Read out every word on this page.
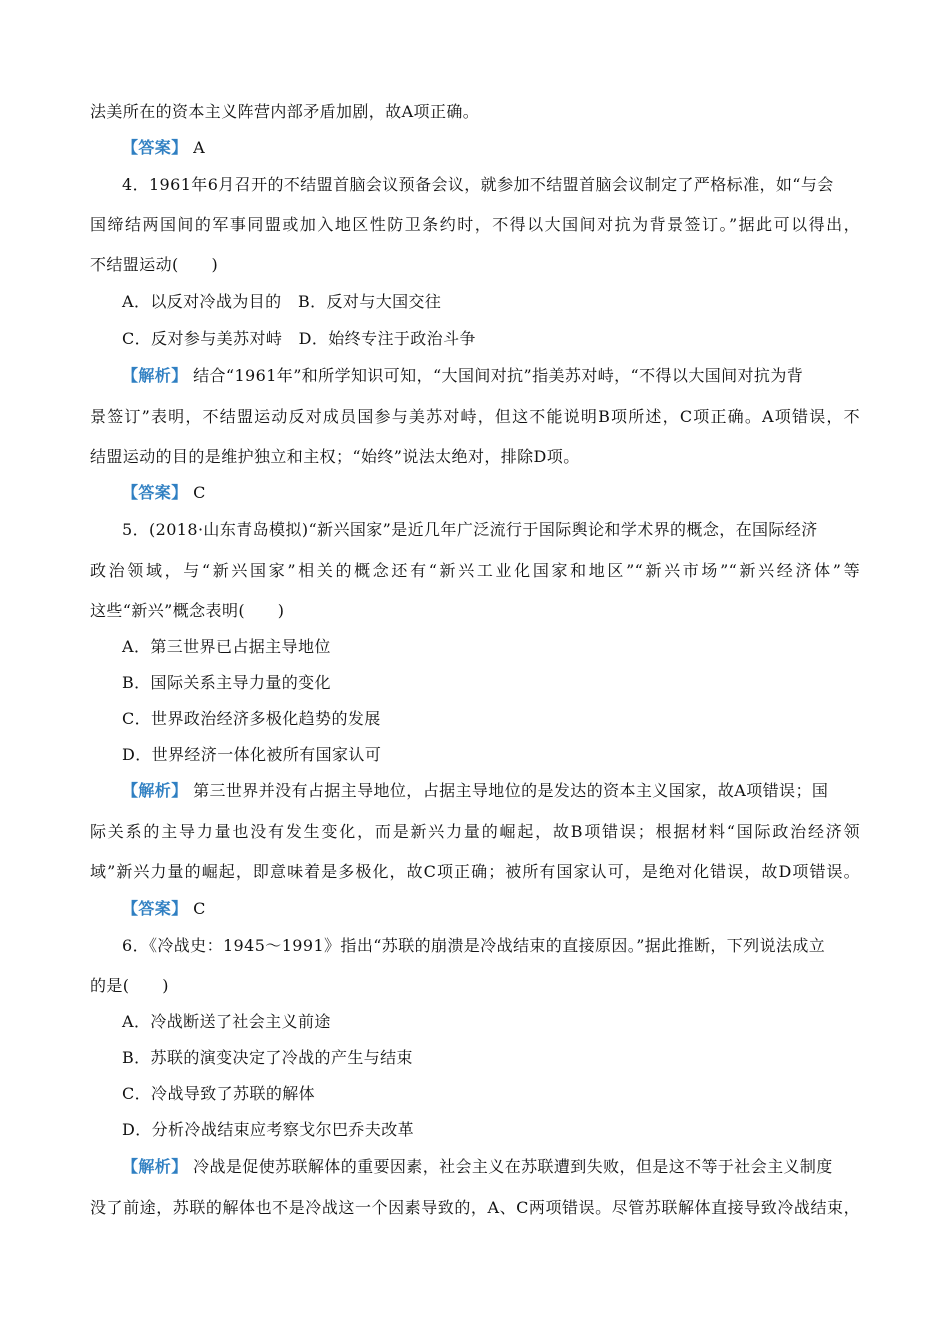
法美所在的资本主义阵营内部矛盾加剧，故A项正确。
【答案】 A
4．1961年6月召开的不结盟首脑会议预备会议，就参加不结盟首脑会议制定了严格标准，如“与会
国缔结两国间的军事同盟或加入地区性防卫条约时，不得以大国间对抗为背景签订。”据此可以得出，
不结盟运动(　　)
A．以反对冷战为目的　B．反对与大国交往
C．反对参与美苏对峙　D．始终专注于政治斗争
【解析】 结合“1961年”和所学知识可知，“大国间对抗”指美苏对峙，“不得以大国间对抗为背
景签订”表明，不结盟运动反对成员国参与美苏对峙，但这不能说明B项所述，C项正确。A项错误，不
结盟运动的目的是维护独立和主权；“始终”说法太绝对，排除D项。
【答案】 C
5．(2018·山东青岛模拟)“新兴国家”是近几年广泛流行于国际舆论和学术界的概念，在国际经济
政治领域，与“新兴国家”相关的概念还有“新兴工业化国家和地区”“新兴市场”“新兴经济体”等
这些“新兴”概念表明(　　)
A．第三世界已占据主导地位
B．国际关系主导力量的变化
C．世界政治经济多极化趋势的发展
D．世界经济一体化被所有国家认可
【解析】 第三世界并没有占据主导地位，占据主导地位的是发达的资本主义国家，故A项错误；国
际关系的主导力量也没有发生变化，而是新兴力量的崛起，故B项错误；根据材料“国际政治经济领
域”新兴力量的崛起，即意味着是多极化，故C项正确；被所有国家认可，是绝对化错误，故D项错误。
【答案】 C
6．《冷战史：1945～1991》指出“苏联的崩溃是冷战结束的直接原因。”据此推断，下列说法成立
的是(　　)
A．冷战断送了社会主义前途
B．苏联的演变决定了冷战的产生与结束
C．冷战导致了苏联的解体
D．分析冷战结束应考察戈尔巴乔夫改革
【解析】 冷战是促使苏联解体的重要因素，社会主义在苏联遭到失败，但是这不等于社会主义制度
没了前途，苏联的解体也不是冷战这一个因素导致的，A、C两项错误。尽管苏联解体直接导致冷战结束，
